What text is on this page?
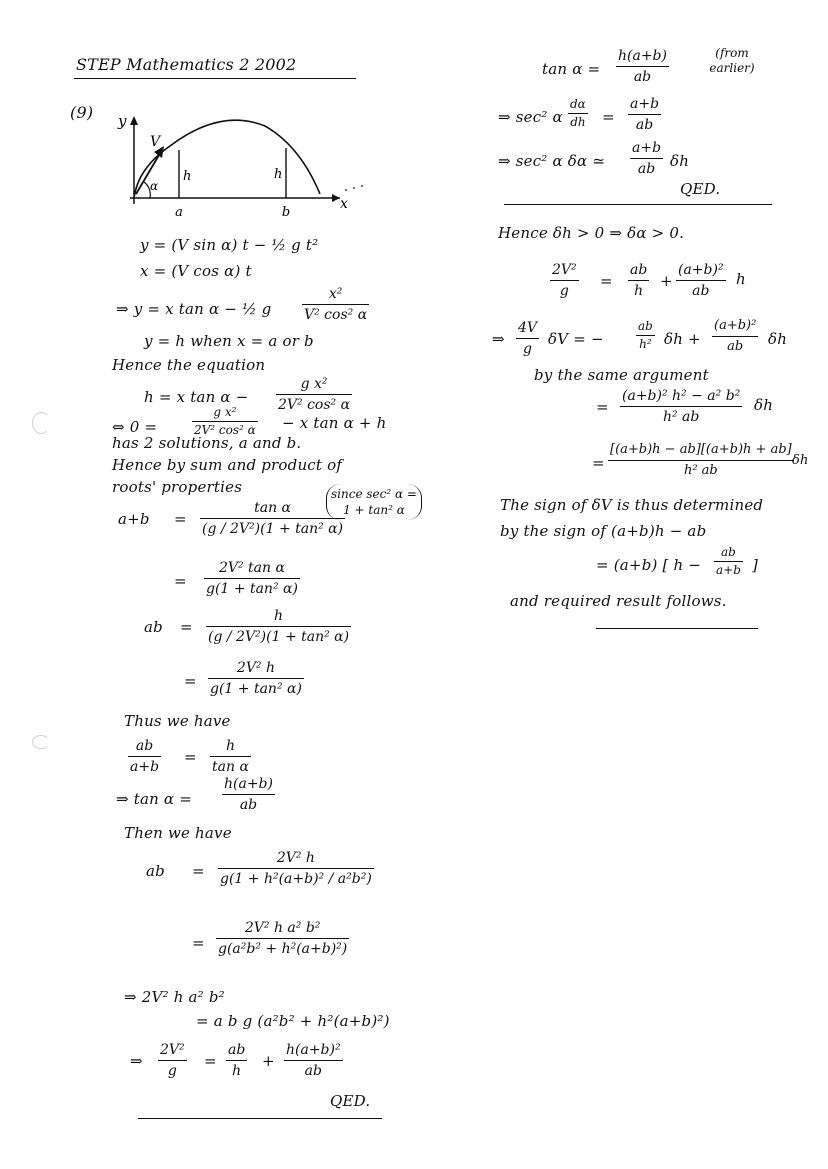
STEP Mathematics 2 2002
(9) y
x
V
α
h	h
a	b
y = (V sin α) t − ½ g t²
x = (V cos α) t
⇒ y = x tan α − ½ g $\frac{\text{x²}}{\text{V² cos² α}}$
y = h when x = a or b
Hence the equation
h = x $\tan \alpha - \frac{\text{g x²}}{\text{2V² cos² α}}$
⇔ 0 =	$\frac{\text{g x²}}{\text{2V² cos² α}} - x$ tan α + h
has 2 solutions, a and b.
Hence by sum and product of
roots' properties
$a+b = \frac{\text{tan α}}{\text{(g / 2V²)(1 + tan² α)}}$
since sec² α = 1 + tan² α
= $\frac{\text{2V² tan α}}{\text{g(1 + tan² α)}}$
ab = $\frac{h}{\text{(g / 2V²)(1 + tan² α)}}$
= $\frac{\text{2V² h}}{\text{g(1 + tan² α)}}$
Thus we have
$\frac{ab}{a+b} = \frac{h}{\text{tan α}}$
⇒ $\tan \alpha = \frac{h(a+b)}{ab}$
Then we have
ab = $\frac{\text{2V² h}}{\text{g(1 + h²(a+b)² / a²b²)}}$
= $\frac{\text{2V² h a² b²}}{\text{g(a²b² + h²(a+b)²)}}$
⇒ 2V² h a² b²
= a b g (a²b² + h²(a+b)²)
⇒ $\frac{\text{2V²}}{g} = \frac{ab}{h} + \frac{\text{h(a+b)²}}{ab}$
QED.
$\tan \alpha = \frac{h(a+b)}{ab}$	(from earlier)
⇒ sec² α $\frac{d\alpha}{dh} = \frac{a+b}{ab}$
⇒ sec² α δα ≃ $\frac{a+b}{ab}$ δh
QED.
Hence δh > 0 ⇒ δα > 0.
$\frac{\text{2V²}}{g} = \frac{ab}{h} + \frac{\text{(a+b)²}}{ab}$ h
⇒ $\frac{4V}{g}$ δV = −	$\frac{ab}{\text{h²}}$ $\delta h + \frac{\text{(a+b)²}}{ab}$ δh
by the same argument
= $\frac{\text{(a+b)² h² − a² b²}}{\text{h² ab}}$ δh
= $\frac{[(a+b)h - ab][(a+b)h + ab]}{\text{h² ab}}$
δh
The sign of δV is thus determined
by the sign of (a+b)h − ab
= (a+b) [ $h - \frac{ab}{a+b}$ ]
and required result follows.
